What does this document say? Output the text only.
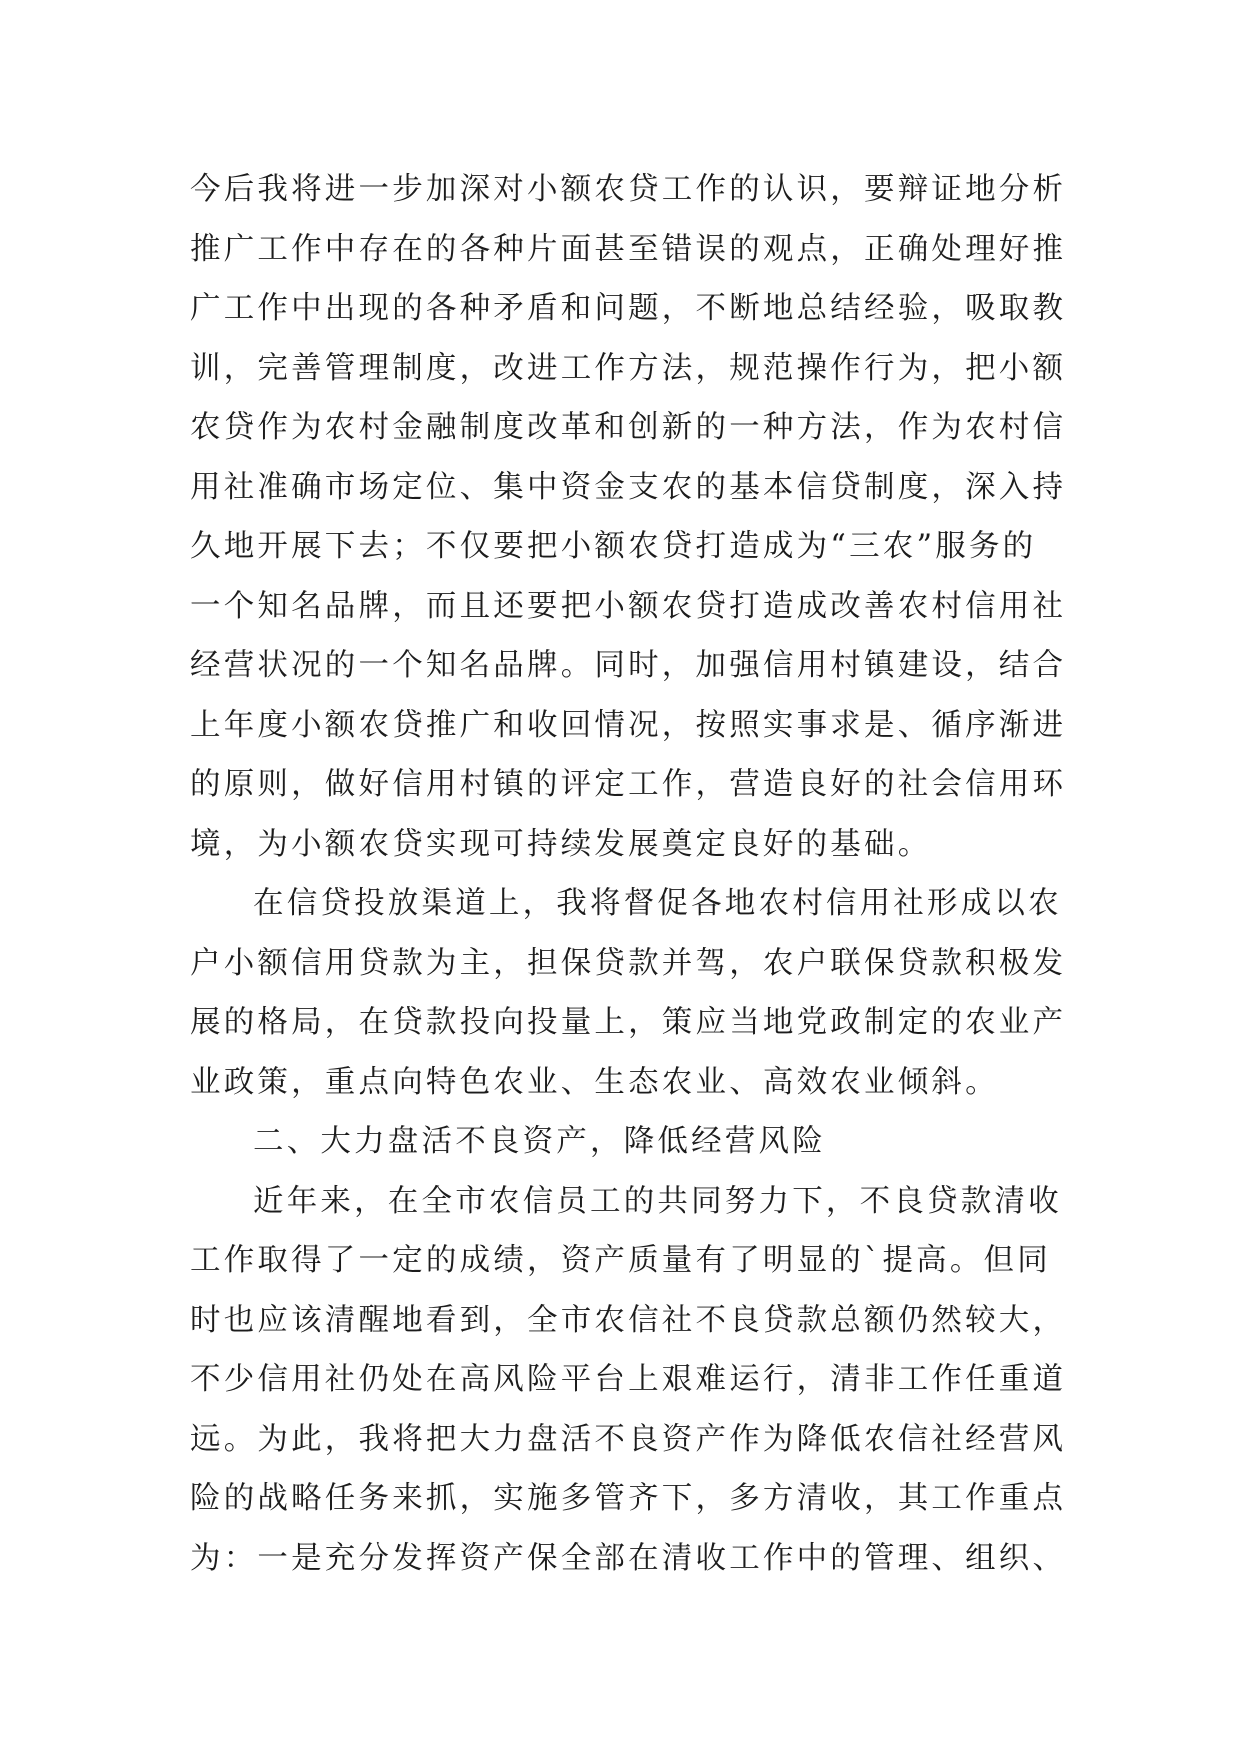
今后我将进一步加深对小额农贷工作的认识，要辩证地分析
推广工作中存在的各种片面甚至错误的观点，正确处理好推
广工作中出现的各种矛盾和问题，不断地总结经验，吸取教
训，完善管理制度，改进工作方法，规范操作行为，把小额
农贷作为农村金融制度改革和创新的一种方法，作为农村信
用社准确市场定位、集中资金支农的基本信贷制度，深入持
久地开展下去；不仅要把小额农贷打造成为“三农”服务的
一个知名品牌，而且还要把小额农贷打造成改善农村信用社
经营状况的一个知名品牌。同时，加强信用村镇建设，结合
上年度小额农贷推广和收回情况，按照实事求是、循序渐进
的原则，做好信用村镇的评定工作，营造良好的社会信用环
境，为小额农贷实现可持续发展奠定良好的基础。
在信贷投放渠道上，我将督促各地农村信用社形成以农
户小额信用贷款为主，担保贷款并驾，农户联保贷款积极发
展的格局，在贷款投向投量上，策应当地党政制定的农业产
业政策，重点向特色农业、生态农业、高效农业倾斜。
二、大力盘活不良资产，降低经营风险
近年来，在全市农信员工的共同努力下，不良贷款清收
工作取得了一定的成绩，资产质量有了明显的`提高。但同
时也应该清醒地看到，全市农信社不良贷款总额仍然较大，
不少信用社仍处在高风险平台上艰难运行，清非工作任重道
远。为此，我将把大力盘活不良资产作为降低农信社经营风
险的战略任务来抓，实施多管齐下，多方清收，其工作重点
为：一是充分发挥资产保全部在清收工作中的管理、组织、
